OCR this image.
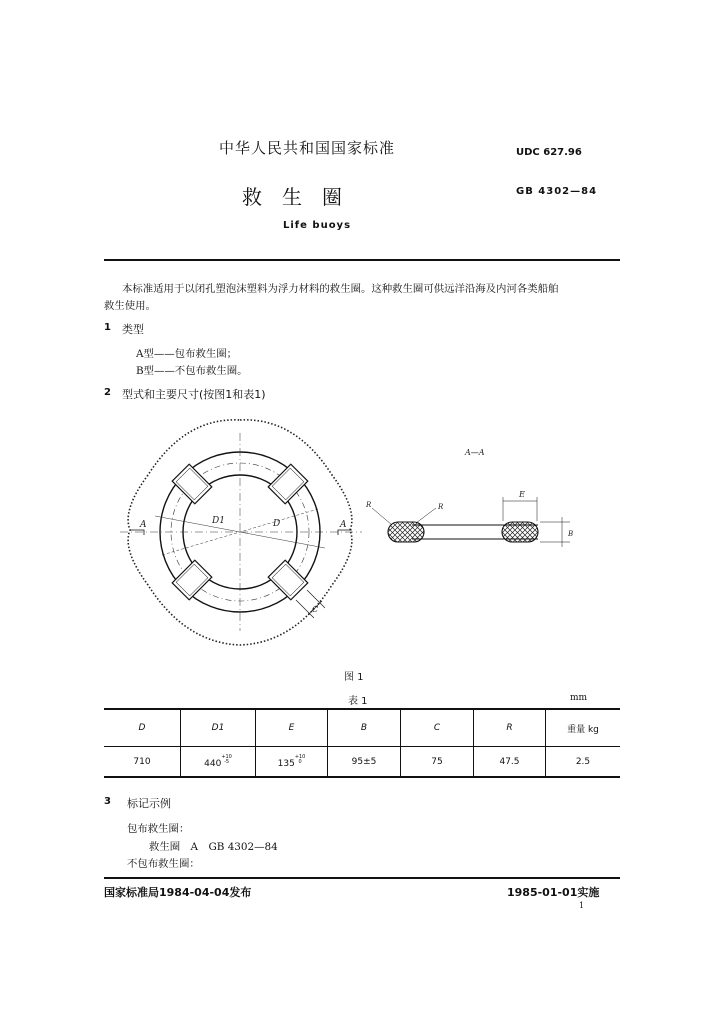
中华人民共和国国家标准	UDC 627.96
救　生　圈	GB 4302—84
Life buoys
本标准适用于以闭孔塑泡沫塑料为浮力材料的救生圈。这种救生圈可供远洋沿海及内河各类船舶
救生使用。
1 类型
A型——包布救生圈；
B型——不包布救生圈。
2 型式和主要尺寸(按图1和表1)
A	A
D1	D
C
A—A
E
B
R	R
图 1
表 1	mm
D	D1	E	B	C	R	重量 kg
710	$440^{+10 -5}$	$135^{+10 0}$	95±5	75	47.5	2.5
3 标记示例
包布救生圈：
救生圈　A　GB 4302—84
不包布救生圈：
国家标准局1984-04-04发布	1985-01-01实施
1
